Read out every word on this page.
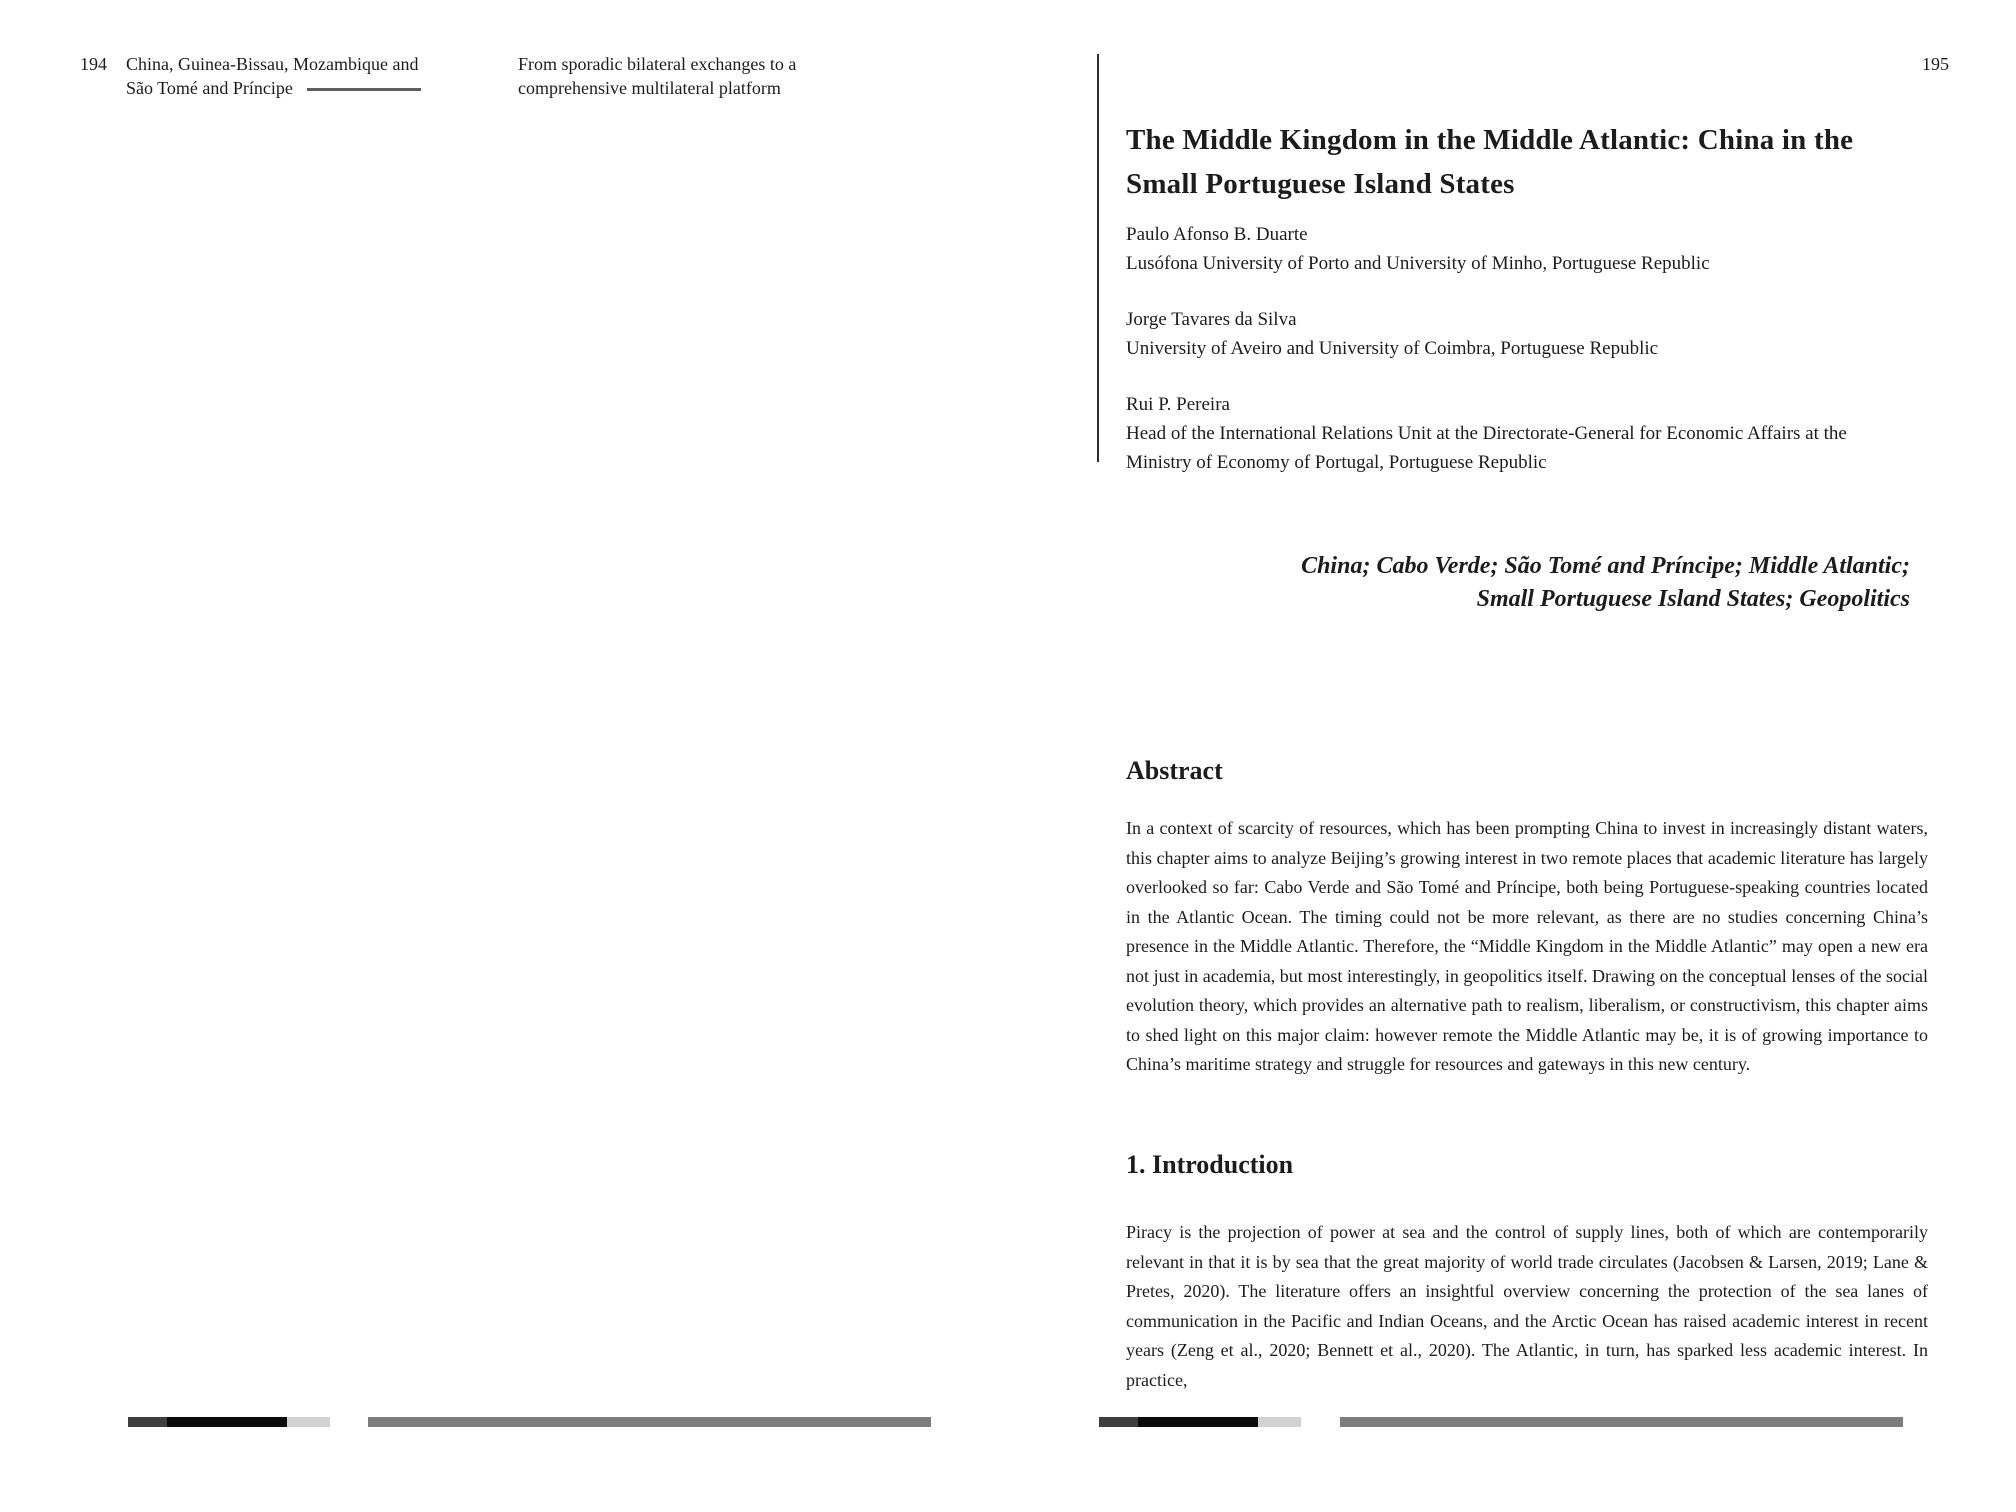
194 China, Guinea-Bissau, Mozambique and
São Tomé and Príncipe
From sporadic bilateral exchanges to a
comprehensive multilateral platform
195
The Middle Kingdom in the Middle Atlantic: China in the
Small Portuguese Island States
Paulo Afonso B. Duarte
Lusófona University of Porto and University of Minho, Portuguese Republic
Jorge Tavares da Silva
University of Aveiro and University of Coimbra, Portuguese Republic
Rui P. Pereira
Head of the International Relations Unit at the Directorate-General for Economic Affairs at the Ministry of Economy of Portugal, Portuguese Republic
China; Cabo Verde; São Tomé and Príncipe; Middle Atlantic;
Small Portuguese Island States; Geopolitics
Abstract

In a context of scarcity of resources, which has been prompting China to invest in increasingly distant waters, this chapter aims to analyze Beijing’s growing interest in two remote places that academic literature has largely overlooked so far: Cabo Verde and São Tomé and Príncipe, both being Portuguese-speaking countries located in the Atlantic Ocean. The timing could not be more relevant, as there are no studies concerning China’s presence in the Middle Atlantic. Therefore, the “Middle Kingdom in the Middle Atlantic” may open a new era not just in academia, but most interestingly, in geopolitics itself. Drawing on the conceptual lenses of the social evolution theory, which provides an alternative path to realism, liberalism, or constructivism, this chapter aims to shed light on this major claim: however remote the Middle Atlantic may be, it is of growing importance to China’s maritime strategy and struggle for resources and gateways in this new century.

1. Introduction

Piracy is the projection of power at sea and the control of supply lines, both of which are contemporarily relevant in that it is by sea that the great majority of world trade circulates (Jacobsen & Larsen, 2019; Lane & Pretes, 2020). The literature offers an insightful overview concerning the protection of the sea lanes of communication in the Pacific and Indian Oceans, and the Arctic Ocean has raised academic interest in recent years (Zeng et al., 2020; Bennett et al., 2020). The Atlantic, in turn, has sparked less academic interest. In practice,
